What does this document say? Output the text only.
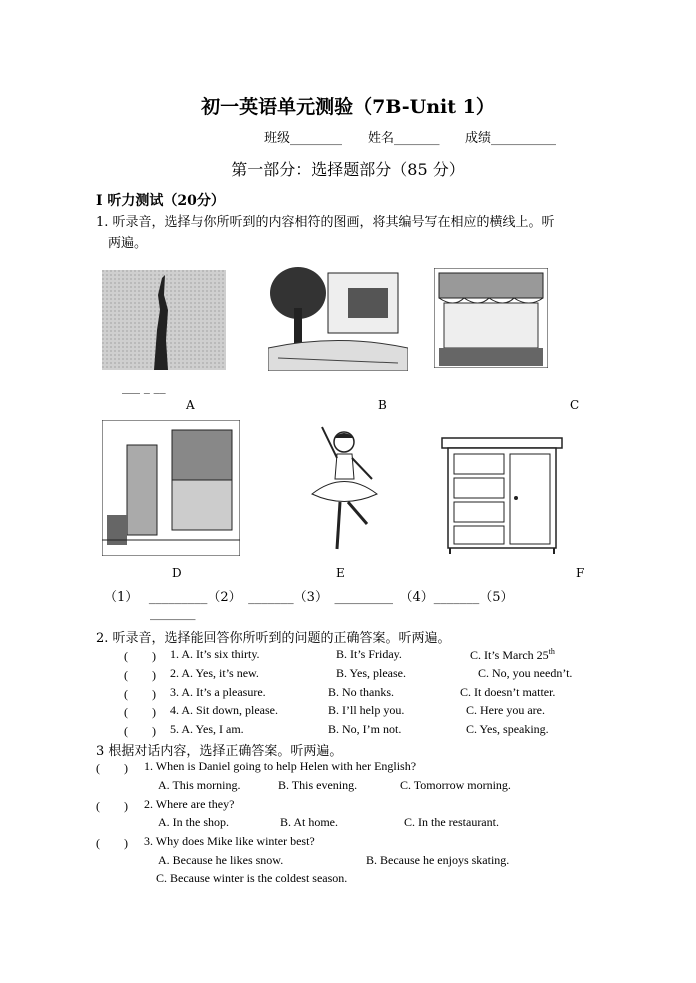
初一英语单元测验（7B-Unit 1）
班级________ 姓名_______ 成绩__________
第一部分：选择题部分（85 分）
I 听力测试（20分）
1. 听录音，选择与你所听到的内容相符的图画，将其编号写在相应的横线上。听
两遍。
___ _ __
A	B	C
D	E	F
（1）　 _________（2）　_______（3）　_________　（4）_______（5）
_______
2. 听录音，选择能回答你所听到的问题的正确答案。听两遍。
(　　) 1. A. It’s six thirty.	B. It’s Friday.	C. It’s March 25th
(　　) 2. A. Yes, it’s new.	B. Yes, please.	C. No, you needn’t.
(　　) 3. A. It’s a pleasure.	B. No thanks.	C. It doesn’t matter.
(　　) 4. A. Sit down, please.	B. I’ll help you.	C. Here you are.
(　　) 5. A. Yes, I am.	B. No, I’m not.	C. Yes, speaking.
3 根据对话内容，选择正确答案。听两遍。
(　　) 1. When is Daniel going to help Helen with her English?
A. This morning.	B. This evening.	C. Tomorrow morning.
(　　) 2. Where are they?
A. In the shop.	B. At home.	C. In the restaurant.
(　　) 3. Why does Mike like winter best?
A. Because he likes snow.	B. Because he enjoys skating.
C. Because winter is the coldest season.
